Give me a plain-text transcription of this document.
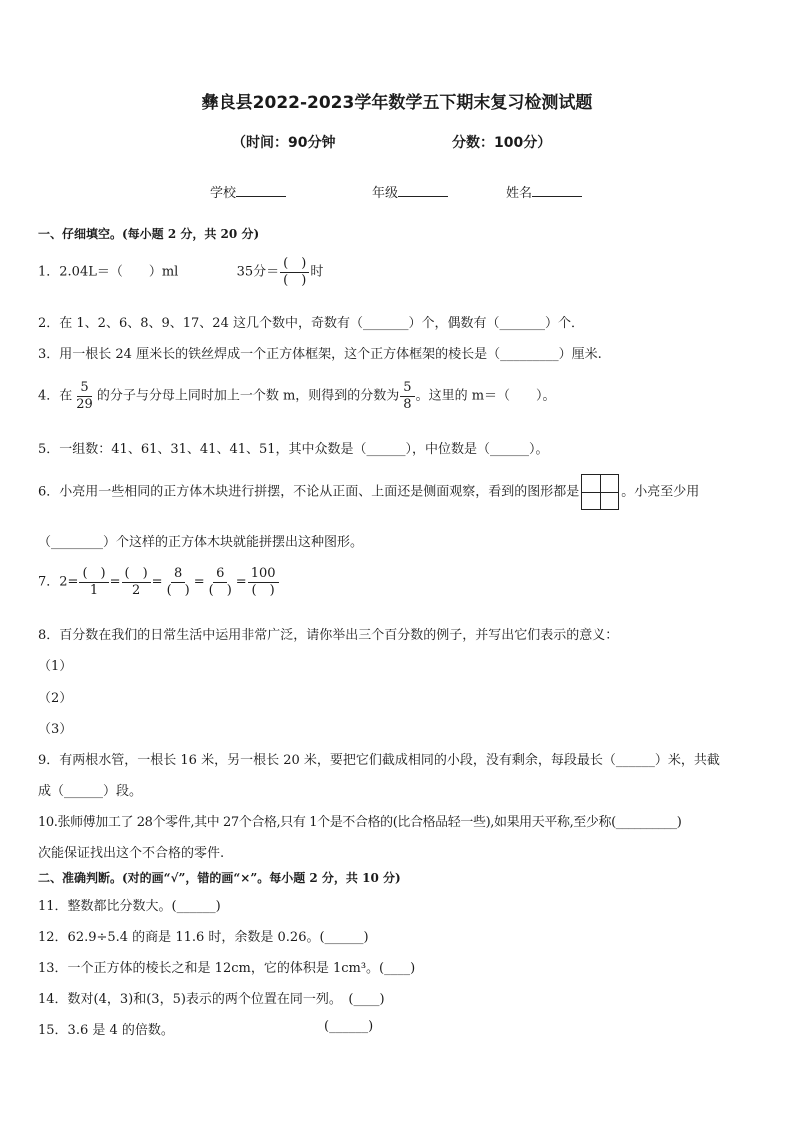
彝良县2022-2023学年数学五下期末复习检测试题
（时间：90分钟	分数：100分）
学校	年级	姓名
一、仔细填空。(每小题 2 分，共 20 分)
1．2.04L＝（　　）ml	35分＝ $\frac{( )}{( )}$ 时
2．在 1、2、6、8、9、17、24 这几个数中，奇数有（_______）个，偶数有（_______）个．
3．用一根长 24 厘米长的铁丝焊成一个正方体框架，这个正方体框架的棱长是（_________）厘米.
4．在 $\frac{5}{29}$ 的分子与分母上同时加上一个数 m，则得到的分数为 $\frac{5}{8}$ 。这里的 m＝（　　）。
5．一组数：41、61、31、41、41、51，其中众数是（______），中位数是（______）。
6．小亮用一些相同的正方体木块进行拼摆，不论从正面、上面还是侧面观察，看到的图形都是	。小亮至少用
（________）个这样的正方体木块就能拼摆出这种图形。
7．$2= \frac{( )}{1} = \frac{( )}{2} = \frac{8}{( )} = \frac{6}{( )} = \frac{100}{( )}$
8．百分数在我们的日常生活中运用非常广泛，请你举出三个百分数的例子，并写出它们表示的意义：
（1）
（2）
（3）
9．有两根水管，一根长 16 米，另一根长 20 米，要把它们截成相同的小段，没有剩余，每段最长（______）米，共截
成（______）段。
10.张师傅加工了 28个零件,其中 27个合格,只有 1个是不合格的(比合格品轻一些),如果用天平称,至少称(__________)
次能保证找出这个不合格的零件.
二、准确判断。(对的画“√”，错的画“×”。每小题 2 分，共 10 分)
11．整数都比分数大。(______)
12．62.9÷5.4 的商是 11.6 时，余数是 0.26。(______)
13．一个正方体的棱长之和是 12cm，它的体积是 1cm³。(____)
14．数对(4，3)和(3，5)表示的两个位置在同一列。　(____)
15．3.6 是 4 的倍数。	(______)
